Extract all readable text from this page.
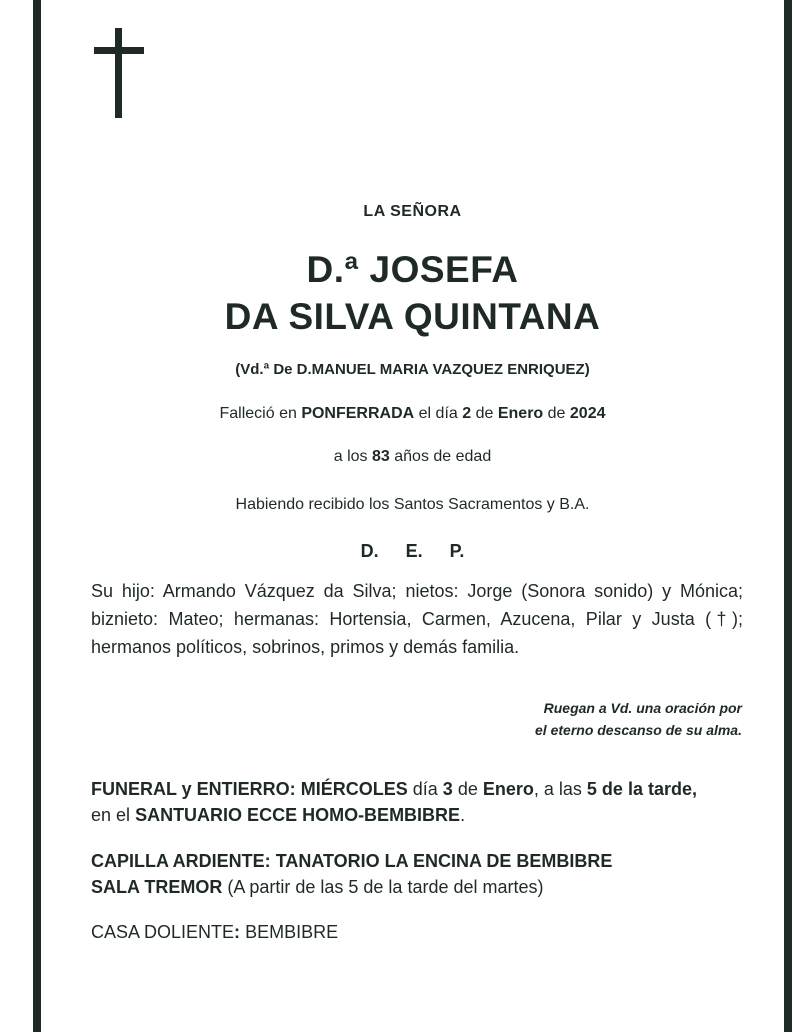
LA SEÑORA
D.ª JOSEFA
DA SILVA QUINTANA
(Vd.ª De D.MANUEL MARIA VAZQUEZ ENRIQUEZ)
Falleció en PONFERRADA el día 2 de Enero de 2024
a los 83 años de edad
Habiendo recibido los Santos Sacramentos y B.A.
D. E. P.
Su hijo: Armando Vázquez da Silva; nietos: Jorge (Sonora sonido) y Mónica; biznieto: Mateo; hermanas: Hortensia, Carmen, Azucena, Pilar y Justa (†); hermanos políticos, sobrinos, primos y demás familia.
Ruegan a Vd. una oración por
el eterno descanso de su alma.
FUNERAL y ENTIERRO: MIÉRCOLES día 3 de Enero, a las 5 de la tarde,
en el SANTUARIO ECCE HOMO-BEMBIBRE.
CAPILLA ARDIENTE: TANATORIO LA ENCINA DE BEMBIBRE
SALA TREMOR (A partir de las 5 de la tarde del martes)
CASA DOLIENTE: BEMBIBRE
